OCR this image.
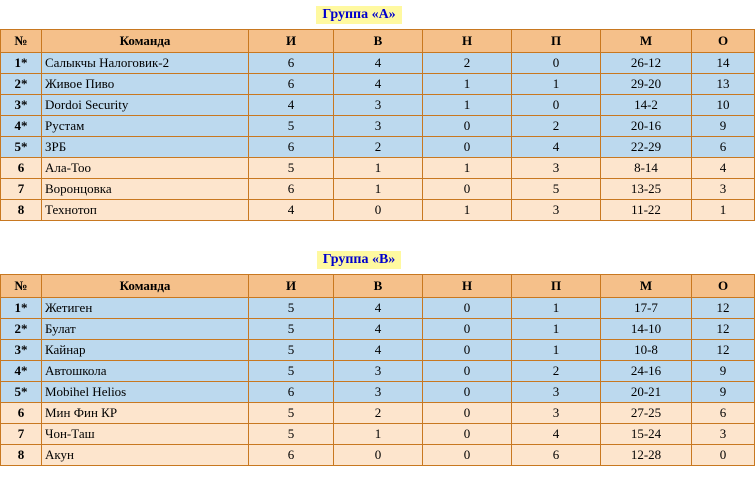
Группа «А»
№	Команда	И	В	Н	П	М	О
1*	Салыкчы Налоговик-2	6	4	2	0	26-12	14
2*	Живое Пиво	6	4	1	1	29-20	13
3*	Dordoi Security	4	3	1	0	14-2	10
4*	Рустам	5	3	0	2	20-16	9
5*	ЗРБ	6	2	0	4	22-29	6
6	Ала-Тоо	5	1	1	3	8-14	4
7	Воронцовка	6	1	0	5	13-25	3
8	Технотоп	4	0	1	3	11-22	1
Группа «В»
№	Команда	И	В	Н	П	М	О
1*	Жетиген	5	4	0	1	17-7	12
2*	Булат	5	4	0	1	14-10	12
3*	Кайнар	5	4	0	1	10-8	12
4*	Автошкола	5	3	0	2	24-16	9
5*	Mobihel Helios	6	3	0	3	20-21	9
6	Мин Фин КР	5	2	0	3	27-25	6
7	Чон-Таш	5	1	0	4	15-24	3
8	Акун	6	0	0	6	12-28	0
